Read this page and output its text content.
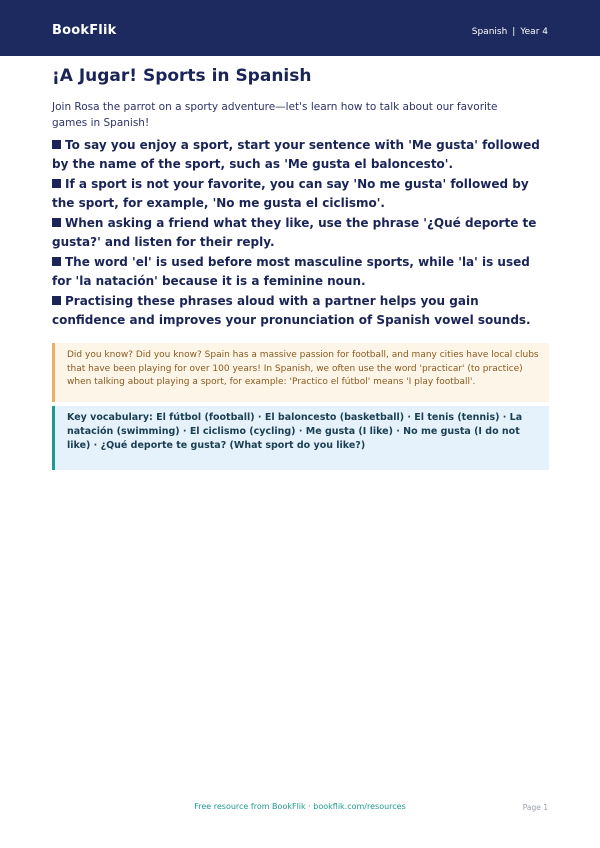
BookFlik	Spanish | Year 4
¡A Jugar! Sports in Spanish

Join Rosa the parrot on a sporty adventure—let's learn how to talk about our favorite games in Spanish!

To say you enjoy a sport, start your sentence with 'Me gusta' followed by the name of the sport, such as 'Me gusta el baloncesto'.
If a sport is not your favorite, you can say 'No me gusta' followed by the sport, for example, 'No me gusta el ciclismo'.
When asking a friend what they like, use the phrase '¿Qué deporte te gusta?' and listen for their reply.
The word 'el' is used before most masculine sports, while 'la' is used for 'la natación' because it is a feminine noun.
Practising these phrases aloud with a partner helps you gain confidence and improves your pronunciation of Spanish vowel sounds.
Did you know? Did you know? Spain has a massive passion for football, and many cities have local clubs that have been playing for over 100 years! In Spanish, we often use the word 'practicar' (to practice) when talking about playing a sport, for example: 'Practico el fútbol' means 'I play football'.
Key vocabulary: El fútbol (football) · El baloncesto (basketball) · El tenis (tennis) · La natación (swimming) · El ciclismo (cycling) · Me gusta (I like) · No me gusta (I do not like) · ¿Qué deporte te gusta? (What sport do you like?)
Free resource from BookFlik · bookflik.com/resources	Page 1
